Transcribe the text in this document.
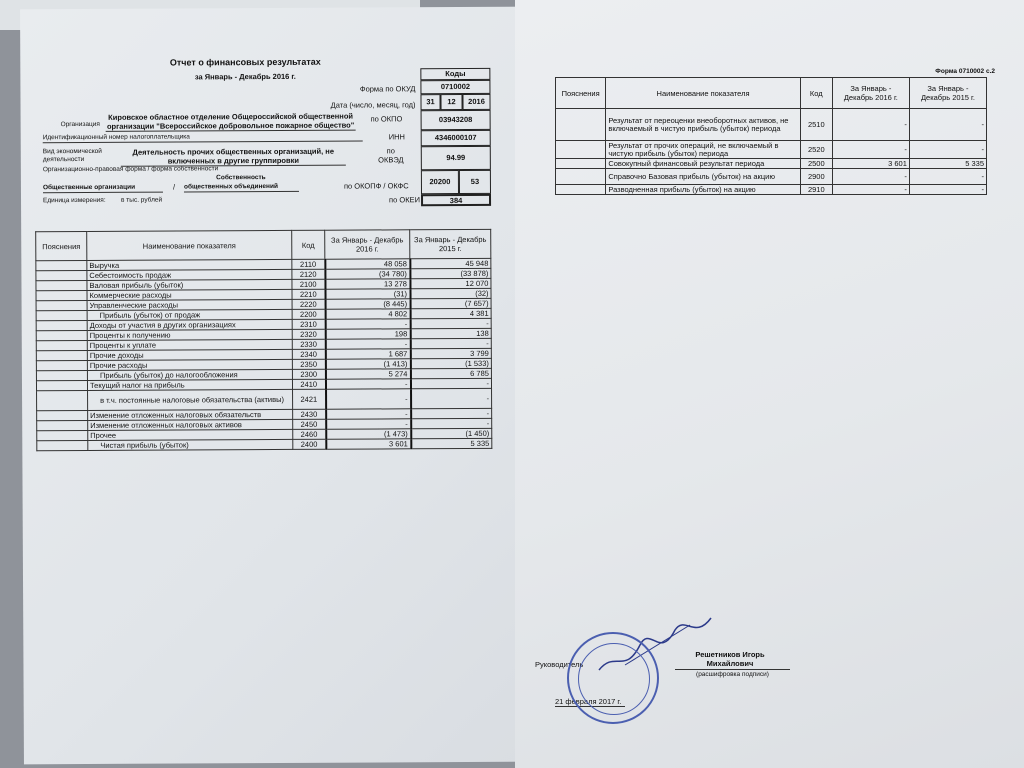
Отчет о финансовых результатах
за Январь - Декабрь 2016 г.	Коды
Форма по ОКУД	0710002
Дата (число, месяц, год)	31	12	2016
Организация
Кировское областное отделение Общероссийской общественной
организации "Всероссийское добровольное пожарное общество"
по ОКПО	03943208
Идентификационный номер налогоплательщика	ИНН	4346000107
Вид экономической
деятельности
Деятельность прочих общественных организаций, не
включенных в другие группировки
по
ОКВЭД	94.99
Организационно-правовая форма / форма собственности
Собственность
Общественные организации	/ общественных объединений	по ОКОПФ / ОКФС	20200	53
Единица измерения: в тыс. рублей	по ОКЕИ	384
Пояснения	Наименование показателя	Код	За Январь - Декабрь 2016 г.	За Январь - Декабрь 2015 г.
	Выручка	2110	48 058	45 948
	Себестоимость продаж	2120	(34 780)	(33 878)
	Валовая прибыль (убыток)	2100	13 278	12 070
	Коммерческие расходы	2210	(31)	(32)
	Управленческие расходы	2220	(8 445)	(7 657)
	Прибыль (убыток) от продаж	2200	4 802	4 381
	Доходы от участия в других организациях	2310	-	-
	Проценты к получению	2320	198	138
	Проценты к уплате	2330	-	-
	Прочие доходы	2340	1 687	3 799
	Прочие расходы	2350	(1 413)	(1 533)
	Прибыль (убыток) до налогообложения	2300	5 274	6 785
	Текущий налог на прибыль	2410	-	-
	в т.ч. постоянные налоговые обязательства (активы)	2421	-	-
	Изменение отложенных налоговых обязательств	2430	-	-
	Изменение отложенных налоговых активов	2450	-	-
	Прочее	2460	(1 473)	(1 450)
	Чистая прибыль (убыток)	2400	3 601	5 335
Форма 0710002 с.2
Пояснения	Наименование показателя	Код	За Январь - Декабрь 2016 г.	За Январь - Декабрь 2015 г.
	Результат от переоценки внеоборотных активов, не включаемый в чистую прибыль (убыток) периода	2510	-	-
	Результат от прочих операций, не включаемый в чистую прибыль (убыток) периода	2520	-	-
	Совокупный финансовый результат периода	2500	3 601	5 335
	Справочно Базовая прибыль (убыток) на акцию	2900	-	-
	Разводненная прибыль (убыток) на акцию	2910	-	-
Руководитель
Решетников Игорь
Михайлович
(расшифровка подписи)
21 февраля 2017 г.
